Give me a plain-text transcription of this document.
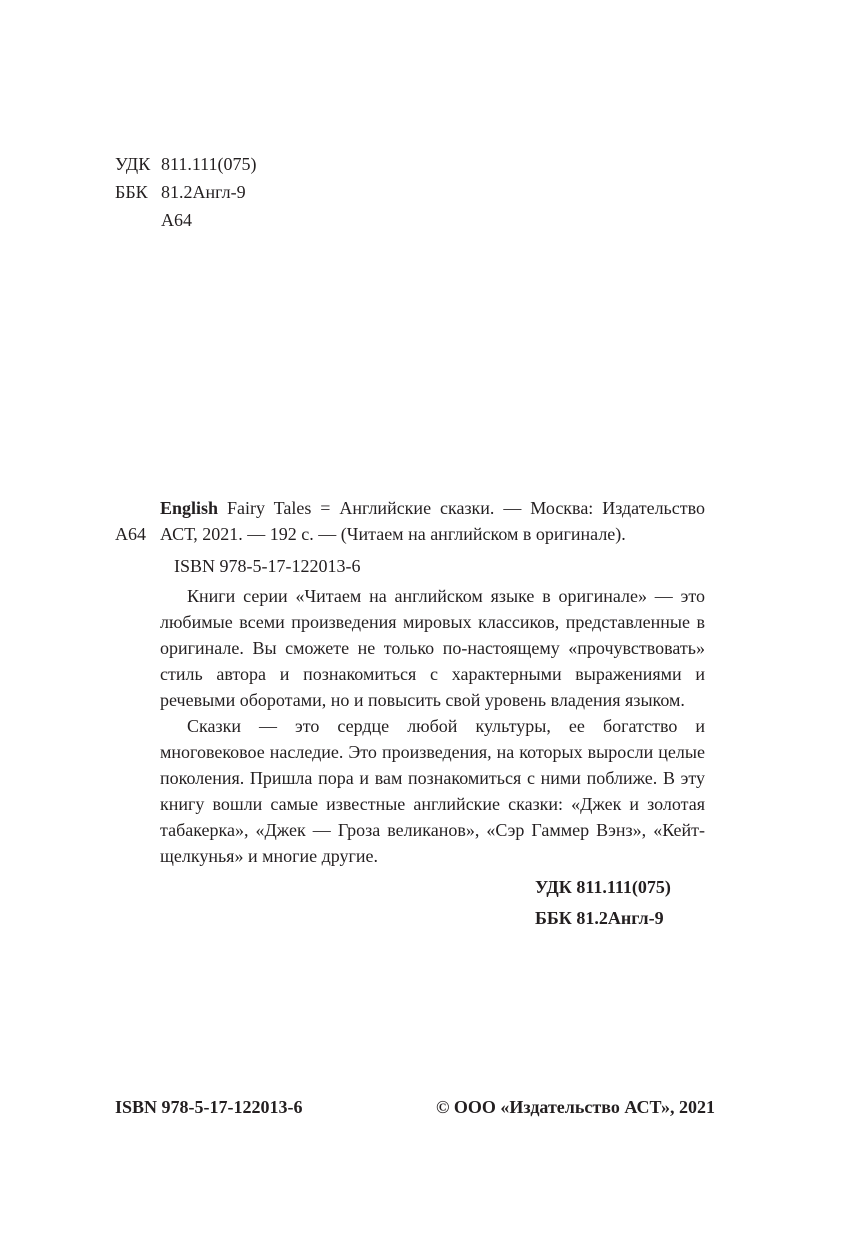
УДК 811.111(075)
ББК 81.2Англ-9
А64
А64

English Fairy Tales = Английские сказки. — Москва: Издательство АСТ, 2021. — 192 с. — (Читаем на английском в оригинале).

ISBN 978-5-17-122013-6

Книги серии «Читаем на английском языке в оригинале» — это любимые всеми произведения мировых классиков, представленные в оригинале. Вы сможете не только по-настоящему «прочувствовать» стиль автора и познакомиться с характерными выражениями и речевыми оборотами, но и повысить свой уровень владения языком.

Сказки — это сердце любой культуры, ее богатство и многовековое наследие. Это произведения, на которых выросли целые поколения. Пришла пора и вам познакомиться с ними поближе. В эту книгу вошли самые известные английские сказки: «Джек и золотая табакерка», «Джек — Гроза великанов», «Сэр Гаммер Вэнз», «Кейт-щелкунья» и многие другие.

УДК 811.111(075)
ББК 81.2Англ-9
ISBN 978-5-17-122013-6	© ООО «Издательство АСТ», 2021
